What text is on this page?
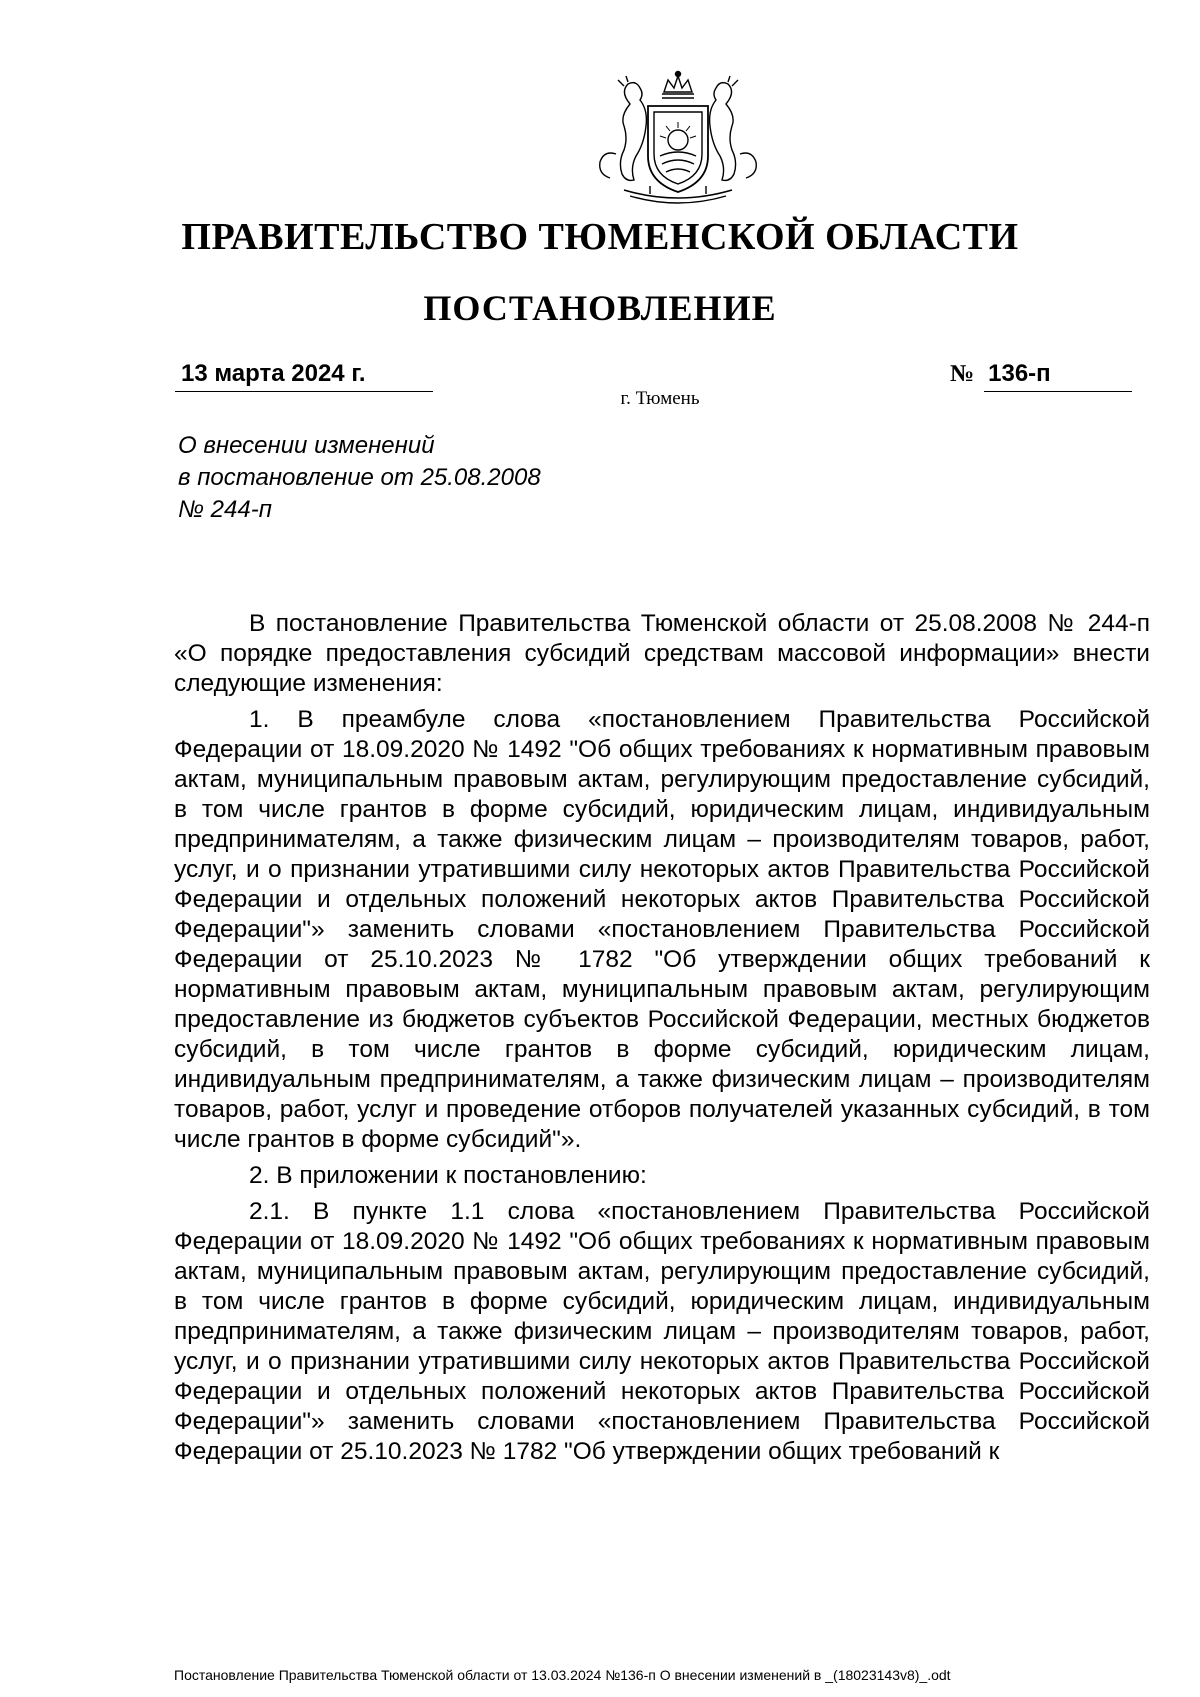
ПРАВИТЕЛЬСТВО ТЮМЕНСКОЙ ОБЛАСТИ
ПОСТАНОВЛЕНИЕ
13 марта 2024 г.	№ 136-п
г. Тюмень
О внесении изменений
в постановление от 25.08.2008
№ 244-п

В постановление Правительства Тюменской области от 25.08.2008 № 244-п «О порядке предоставления субсидий средствам массовой информации» внести следующие изменения:

1. В преамбуле слова «постановлением Правительства Российской Федерации от 18.09.2020 № 1492 "Об общих требованиях к нормативным правовым актам, муниципальным правовым актам, регулирующим предоставление субсидий, в том числе грантов в форме субсидий, юридическим лицам, индивидуальным предпринимателям, а также физическим лицам – производителям товаров, работ, услуг, и о признании утратившими силу некоторых актов Правительства Российской Федерации и отдельных положений некоторых актов Правительства Российской Федерации"» заменить словами «постановлением Правительства Российской Федерации от 25.10.2023 № 1782 "Об утверждении общих требований к нормативным правовым актам, муниципальным правовым актам, регулирующим предоставление из бюджетов субъектов Российской Федерации, местных бюджетов субсидий, в том числе грантов в форме субсидий, юридическим лицам, индивидуальным предпринимателям, а также физическим лицам – производителям товаров, работ, услуг и проведение отборов получателей указанных субсидий, в том числе грантов в форме субсидий"».

2. В приложении к постановлению:

2.1. В пункте 1.1 слова «постановлением Правительства Российской Федерации от 18.09.2020 № 1492 "Об общих требованиях к нормативным правовым актам, муниципальным правовым актам, регулирующим предоставление субсидий, в том числе грантов в форме субсидий, юридическим лицам, индивидуальным предпринимателям, а также физическим лицам – производителям товаров, работ, услуг, и о признании утратившими силу некоторых актов Правительства Российской Федерации и отдельных положений некоторых актов Правительства Российской Федерации"» заменить словами «постановлением Правительства Российской Федерации от 25.10.2023 № 1782 "Об утверждении общих требований к

Постановление Правительства Тюменской области от 13.03.2024 №136-п О внесении изменений в _(18023143v8)_.odt
